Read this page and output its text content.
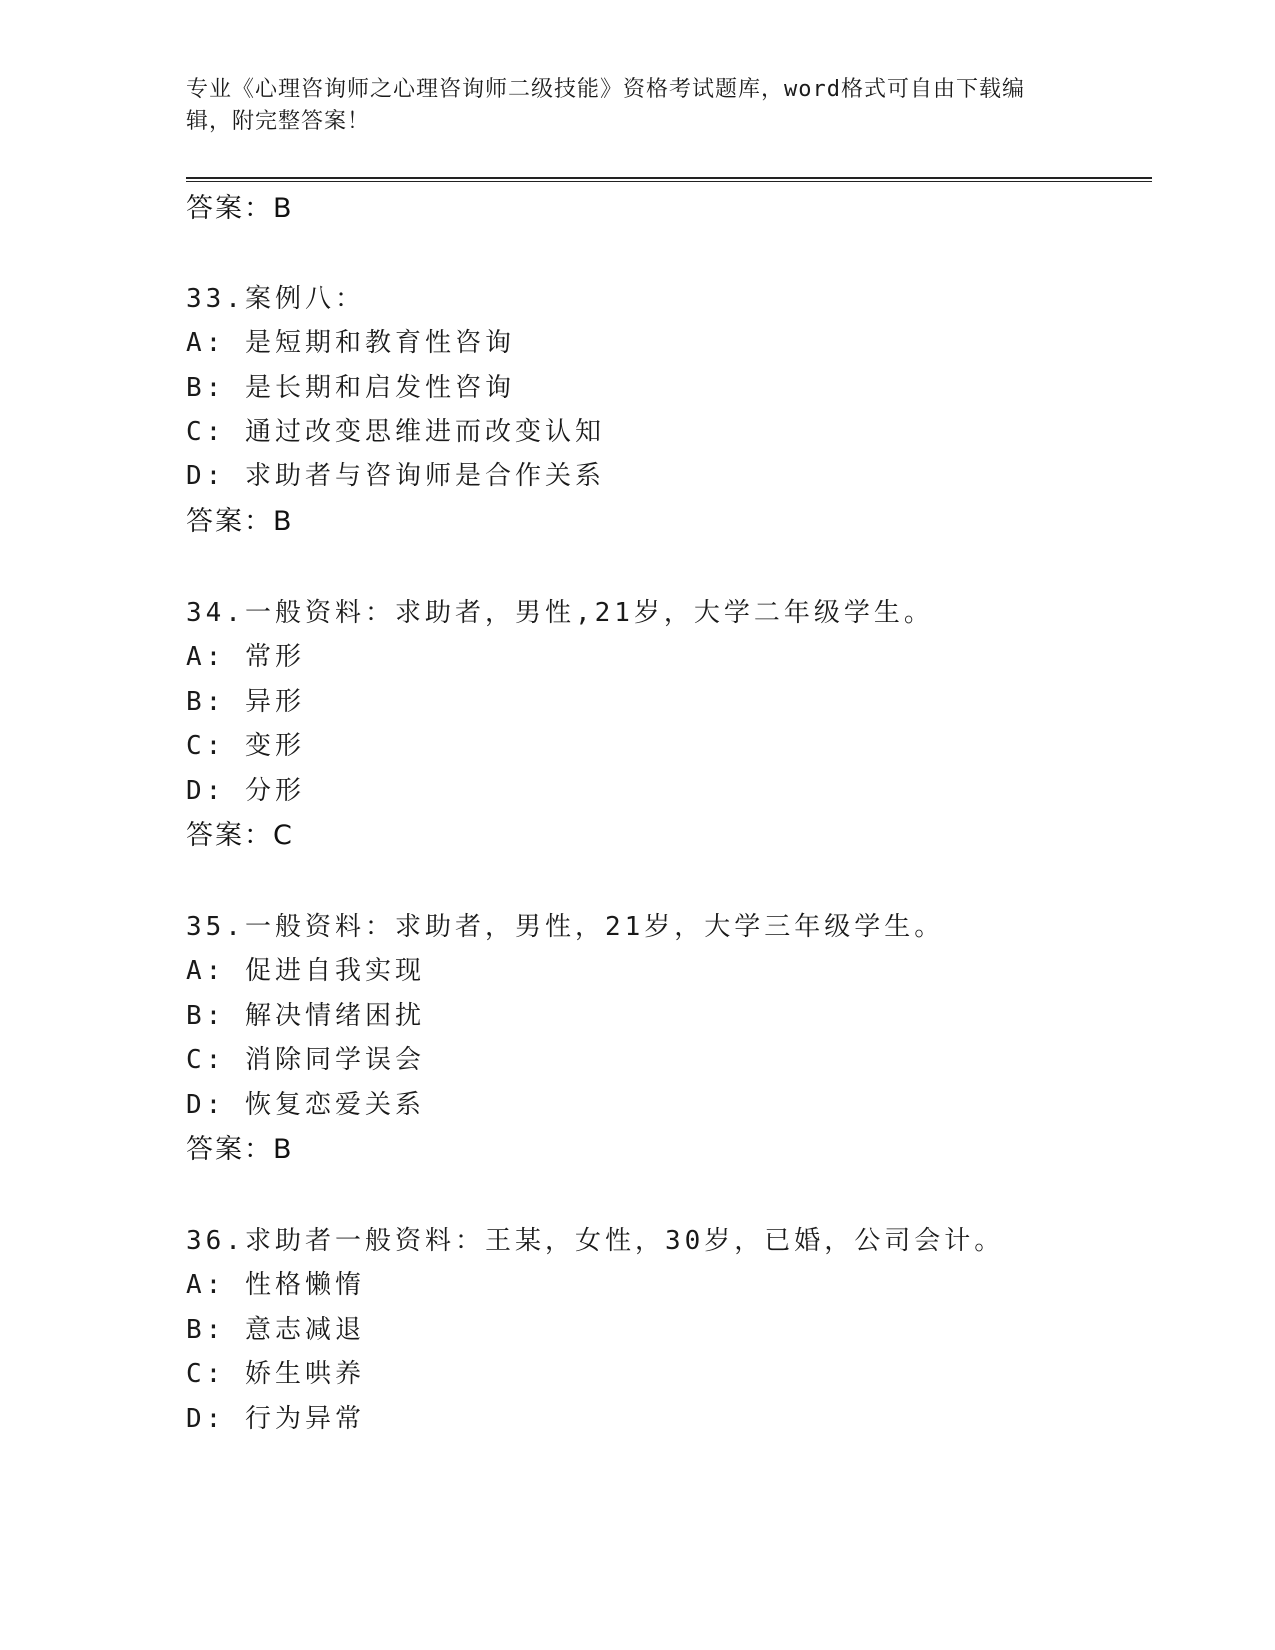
专业《心理咨询师之心理咨询师二级技能》资格考试题库，word格式可自由下载编辑，附完整答案！
答案：B
33.案例八：
A: 是短期和教育性咨询
B: 是长期和启发性咨询
C: 通过改变思维进而改变认知
D: 求助者与咨询师是合作关系
答案：B
34.一般资料：求助者，男性,21岁，大学二年级学生。
A: 常形
B: 异形
C: 变形
D: 分形
答案：C
35.一般资料：求助者，男性，21岁，大学三年级学生。
A: 促进自我实现
B: 解决情绪困扰
C: 消除同学误会
D: 恢复恋爱关系
答案：B
36.求助者一般资料：王某，女性，30岁，已婚，公司会计。
A: 性格懒惰
B: 意志减退
C: 娇生哄养
D: 行为异常
